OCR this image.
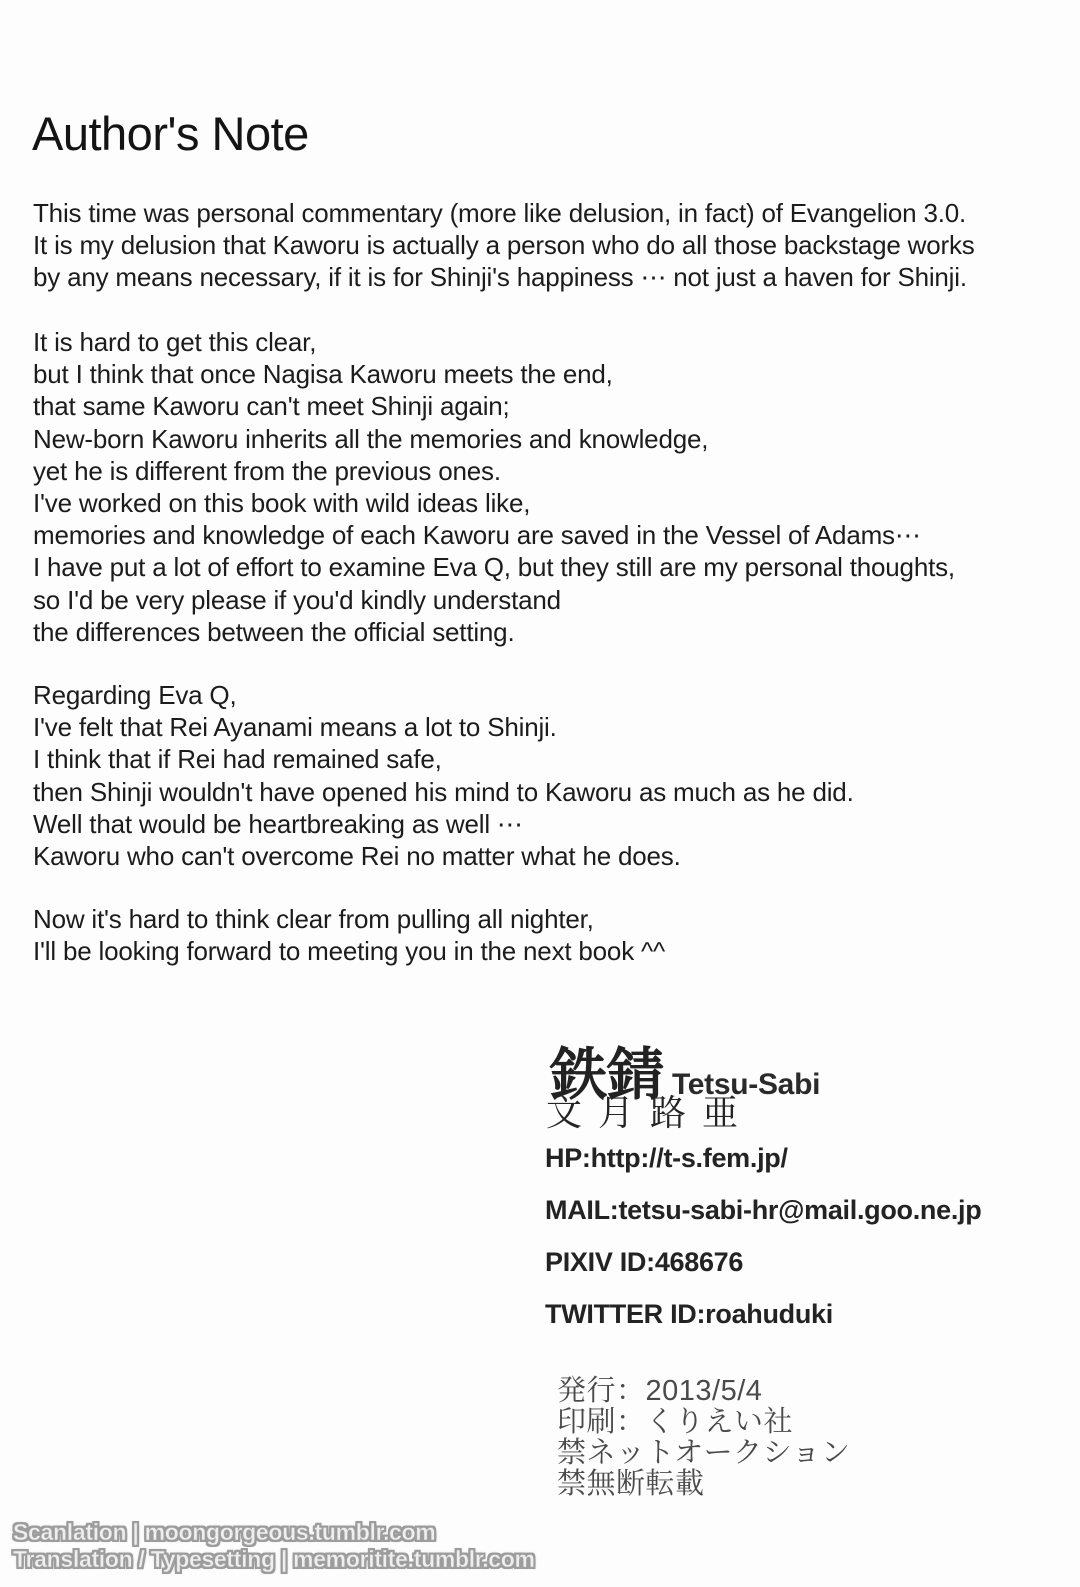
Author's Note
This time was personal commentary (more like delusion, in fact) of Evangelion 3.0.
It is my delusion that Kaworu is actually a person who do all those backstage works
by any means necessary, if it is for Shinji's happiness ⋯ not just a haven for Shinji.
It is hard to get this clear,
but I think that once Nagisa Kaworu meets the end,
that same Kaworu can't meet Shinji again;
New-born Kaworu inherits all the memories and knowledge,
yet he is different from the previous ones.
I've worked on this book with wild ideas like,
memories and knowledge of each Kaworu are saved in the Vessel of Adams⋯
I have put a lot of effort to examine Eva Q, but they still are my personal thoughts,
so I'd be very please if you'd kindly understand
the differences between the official setting.
Regarding Eva Q,
I've felt that Rei Ayanami means a lot to Shinji.
I think that if Rei had remained safe,
then Shinji wouldn't have opened his mind to Kaworu as much as he did.
Well that would be heartbreaking as well ⋯
Kaworu who can't overcome Rei no matter what he does.
Now it's hard to think clear from pulling all nighter,
I'll be looking forward to meeting you in the next book ^^
鉄錆 Tetsu-Sabi
文月路亜
HP:http://t-s.fem.jp/
MAIL:tetsu-sabi-hr@mail.goo.ne.jp
PIXIV ID:468676
TWITTER ID:roahuduki
発行：2013/5/4
印刷：くりえい社
禁ネットオークション
禁無断転載
Scanlation | moongorgeous.tumblr.com
Translation / Typesetting | memoritite.tumblr.com
